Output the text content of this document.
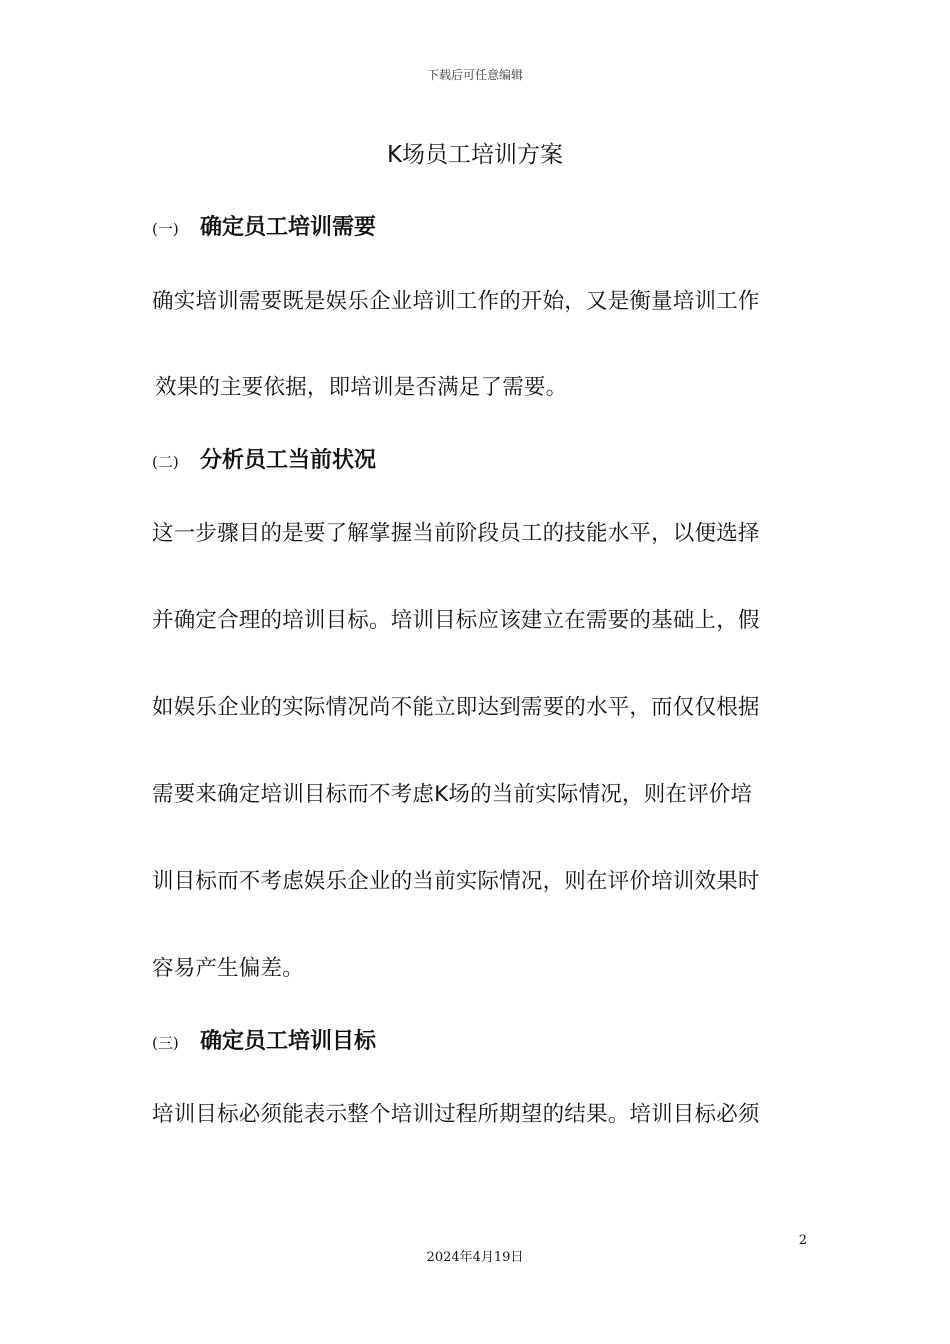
下载后可任意编辑
K场员工培训方案
(一) 确定员工培训需要
确实培训需要既是娱乐企业培训工作的开始，又是衡量培训工作
效果的主要依据，即培训是否满足了需要。
(二) 分析员工当前状况
这一步骤目的是要了解掌握当前阶段员工的技能水平，以便选择
并确定合理的培训目标。培训目标应该建立在需要的基础上，假
如娱乐企业的实际情况尚不能立即达到需要的水平，而仅仅根据
需要来确定培训目标而不考虑K场的当前实际情况，则在评价培
训目标而不考虑娱乐企业的当前实际情况，则在评价培训效果时
容易产生偏差。
(三) 确定员工培训目标
培训目标必须能表示整个培训过程所期望的结果。培训目标必须
2
2024年4月19日
